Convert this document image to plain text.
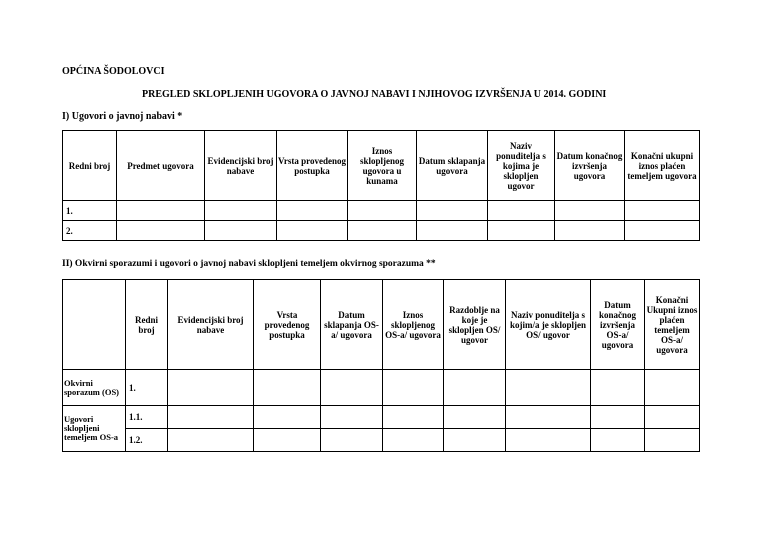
OPĆINA ŠODOLOVCI
PREGLED SKLOPLJENIH UGOVORA O JAVNOJ NABAVI I NJIHOVOG IZVRŠENJA U 2014. GODINI
I) Ugovori o javnoj nabavi *
Redni broj	Predmet ugovora	Evidencijski broj nabave	Vrsta provedenog postupka	Iznos sklopljenog ugovora u kunama	Datum sklapanja ugovora	Naziv ponuditelja s kojima je sklopljen ugovor	Datum konačnog izvršenja ugovora	Konačni ukupni iznos plaćen temeljem ugovora
1.								
2.								
II) Okvirni sporazumi i ugovori o javnoj nabavi sklopljeni temeljem okvirnog sporazuma **
	Redni broj	Evidencijski broj nabave	Vrsta provedenog postupka	Datum sklapanja OS-a/ ugovora	Iznos sklopljenog OS-a/ ugovora	Razdoblje na koje je sklopljen OS/ ugovor	Naziv ponuditelja s kojim/a je sklopljen OS/ ugovor	Datum konačnog izvršenja OS-a/ ugovora	Konačni Ukupni iznos plaćen temeljem OS-a/ ugovora
Okvirni sporazum (OS)	1.								
Ugovori sklopljeni temeljem OS-a	1.1.								
	1.2.								
